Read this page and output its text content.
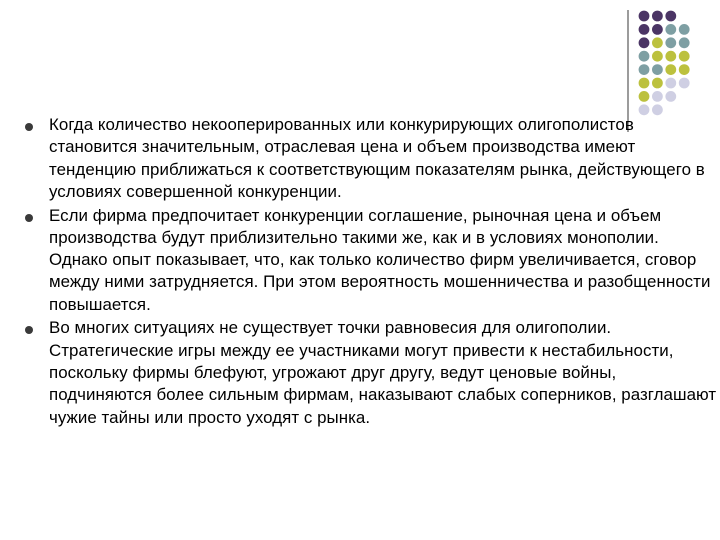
Когда количество некооперированных или конкурирующих олигополистов становится значительным, отраслевая цена и объем производства имеют тенденцию приближаться к соответствующим показателям рынка, действующего в условиях совершенной конкуренции.
Если фирма предпочитает конкуренции соглашение, рыночная цена и объем производства будут приблизительно такими же, как и в условиях монополии. Однако опыт показывает, что, как только количество фирм увеличивается, сговор между ними затрудняется. При этом вероятность мошенничества и разобщенности повышается.
Во многих ситуациях не существует точки равновесия для олигополии. Стратегические игры между ее участниками могут привести к нестабильности, поскольку фирмы блефуют, угрожают друг другу, ведут ценовые войны, подчиняются более сильным фирмам, наказывают слабых соперников, разглашают чужие тайны или просто уходят с рынка.
